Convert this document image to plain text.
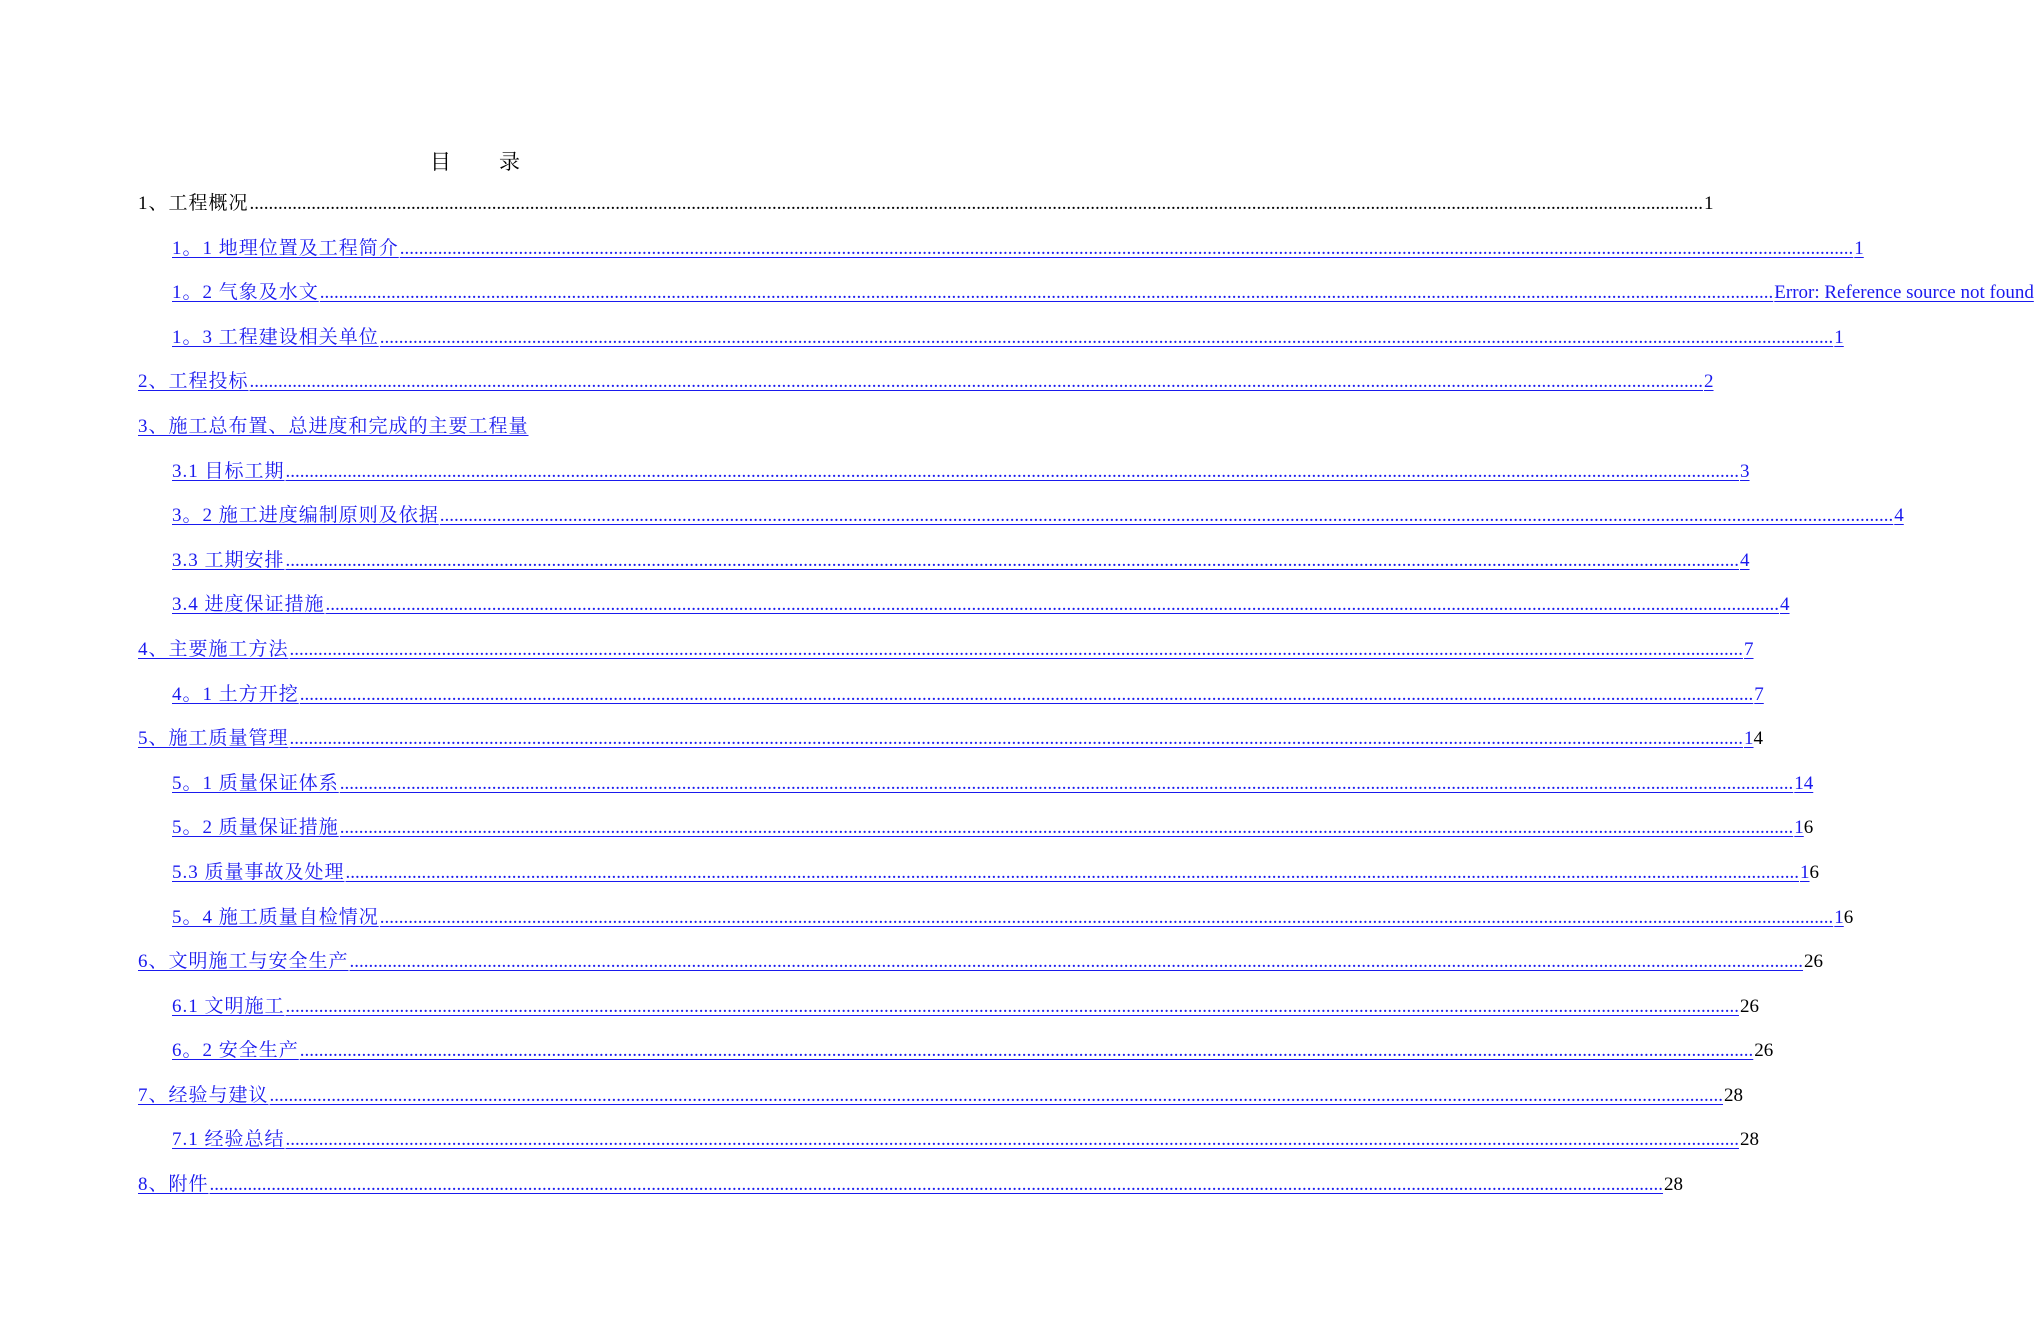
目 录
1、工程概况 .................................................................................................................................................................................................................................................................................................................. 1
1。1 地理位置及工程简介 .................................................................................................................................................................................................................................................................................................................. 1
1。2 气象及水文 .................................................................................................................................................................................................................................................................................................................. Error: Reference source not found
1。3 工程建设相关单位 .................................................................................................................................................................................................................................................................................................................. 1
2、工程投标 .................................................................................................................................................................................................................................................................................................................. 2
3、施工总布置、总进度和完成的主要工程量
3.1 目标工期 .................................................................................................................................................................................................................................................................................................................. 3
3。2 施工进度编制原则及依据 .................................................................................................................................................................................................................................................................................................................. 4
3.3 工期安排 .................................................................................................................................................................................................................................................................................................................. 4
3.4 进度保证措施 .................................................................................................................................................................................................................................................................................................................. 4
4、主要施工方法 .................................................................................................................................................................................................................................................................................................................. 7
4。1 土方开挖 .................................................................................................................................................................................................................................................................................................................. 7
5、施工质量管理 .................................................................................................................................................................................................................................................................................................................. 14
5。1 质量保证体系 .................................................................................................................................................................................................................................................................................................................. 14
5。2 质量保证措施 .................................................................................................................................................................................................................................................................................................................. 16
5.3 质量事故及处理 .................................................................................................................................................................................................................................................................................................................. 16
5。4 施工质量自检情况 .................................................................................................................................................................................................................................................................................................................. 16
6、文明施工与安全生产 .................................................................................................................................................................................................................................................................................................................. 26
6.1 文明施工 .................................................................................................................................................................................................................................................................................................................. 26
6。2 安全生产 .................................................................................................................................................................................................................................................................................................................. 26
7、经验与建议 .................................................................................................................................................................................................................................................................................................................. 28
7.1 经验总结 .................................................................................................................................................................................................................................................................................................................. 28
8、附件 .................................................................................................................................................................................................................................................................................................................. 28
